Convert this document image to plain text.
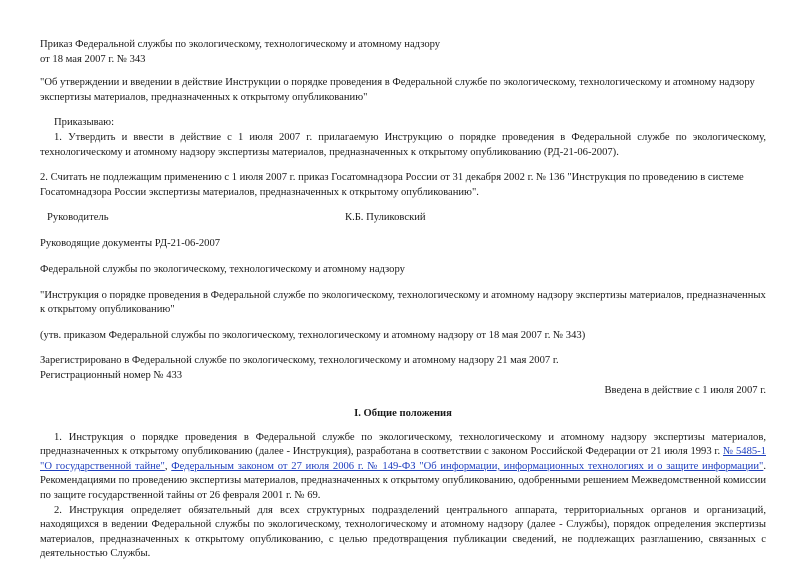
Приказ Федеральной службы по экологическому, технологическому и атомному надзору

от 18 мая 2007 г. № 343

"Об утверждении и введении в действие Инструкции о порядке проведения в Федеральной службе по экологическому, технологическому и атомному надзору экспертизы материалов, предназначенных к открытому опубликованию"

Приказываю:

1. Утвердить и ввести в действие с 1 июля 2007 г. прилагаемую Инструкцию о порядке проведения в Федеральной службе по экологическому, технологическому и атомному надзору экспертизы материалов, предназначенных к открытому опубликованию (РД-21-06-2007).

2. Считать не подлежащим применению с 1 июля 2007 г. приказ Госатомнадзора России от 31 декабря 2002 г. № 136 "Инструкция по проведению в системе Госатомнадзора России экспертизы материалов, предназначенных к открытому опубликованию".

Руководитель	К.Б. Пуликовский

Руководящие документы РД-21-06-2007

Федеральной службы по экологическому, технологическому и атомному надзору

"Инструкция о порядке проведения в Федеральной службе по экологическому, технологическому и атомному надзору экспертизы материалов, предназначенных к открытому опубликованию"

(утв. приказом Федеральной службы по экологическому, технологическому и атомному надзору от 18 мая 2007 г. № 343)

Зарегистрировано в Федеральной службе по экологическому, технологическому и атомному надзору 21 мая 2007 г.

Регистрационный номер № 433

Введена в действие с 1 июля 2007 г.

I. Общие положения

1. Инструкция о порядке проведения в Федеральной службе по экологическому, технологическому и атомному надзору экспертизы материалов, предназначенных к открытому опубликованию (далее - Инструкция), разработана в соответствии с законом Российской Федерации от 21 июля 1993 г. № 5485-1 "О государственной тайне", Федеральным законом от 27 июля 2006 г. № 149-ФЗ "Об информации, информационных технологиях и о защите информации". Рекомендациями по проведению экспертизы материалов, предназначенных к открытому опубликованию, одобренными решением Межведомственной комиссии по защите государственной тайны от 26 февраля 2001 г. № 69.

2. Инструкция определяет обязательный для всех структурных подразделений центрального аппарата, территориальных органов и организаций, находящихся в ведении Федеральной службы по экологическому, технологическому и атомному надзору (далее - Службы), порядок определения экспертизы материалов, предназначенных к открытому опубликованию, с целью предотвращения публикации сведений, не подлежащих разглашению, связанных с деятельностью Службы.
